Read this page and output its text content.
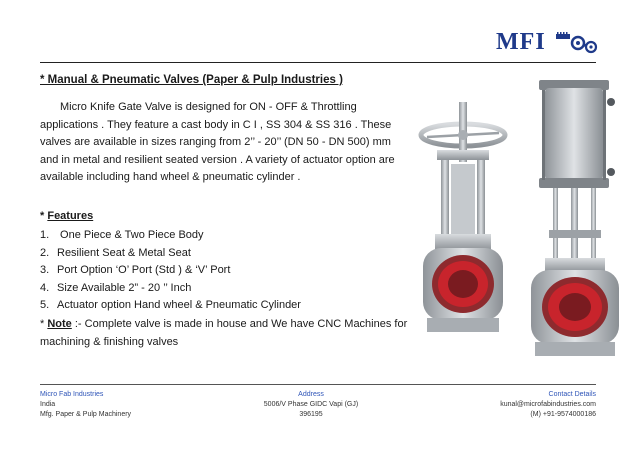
MFI
* Manual & Pneumatic Valves (Paper & Pulp Industries )
Micro Knife Gate Valve is designed for ON - OFF & Throttling applications . They feature a cast body in C I , SS 304 & SS 316 . These valves are available in sizes ranging from 2’’ - 20’’ (DN 50 - DN 500) mm and in metal and resilient seated version . A variety of actuator option are available including hand wheel & pneumatic cylinder .
* Features
1. One Piece & Two Piece Body
2. Resilient Seat & Metal Seat
3. Port Option ‘O’ Port (Std ) & ‘V’ Port
4. Size Available 2” - 20 ’’ Inch
5. Actuator option Hand wheel & Pneumatic Cylinder
* Note :- Complete valve is made in house and We have CNC Machines for machining & finishing valves
Micro Fab Industries
India
Mfg. Paper & Pulp Machinery
Address
5006/V Phase GIDC Vapi (GJ)
396195
Contact Details
kunal@microfabindustries.com
(M) +91-9574000186
